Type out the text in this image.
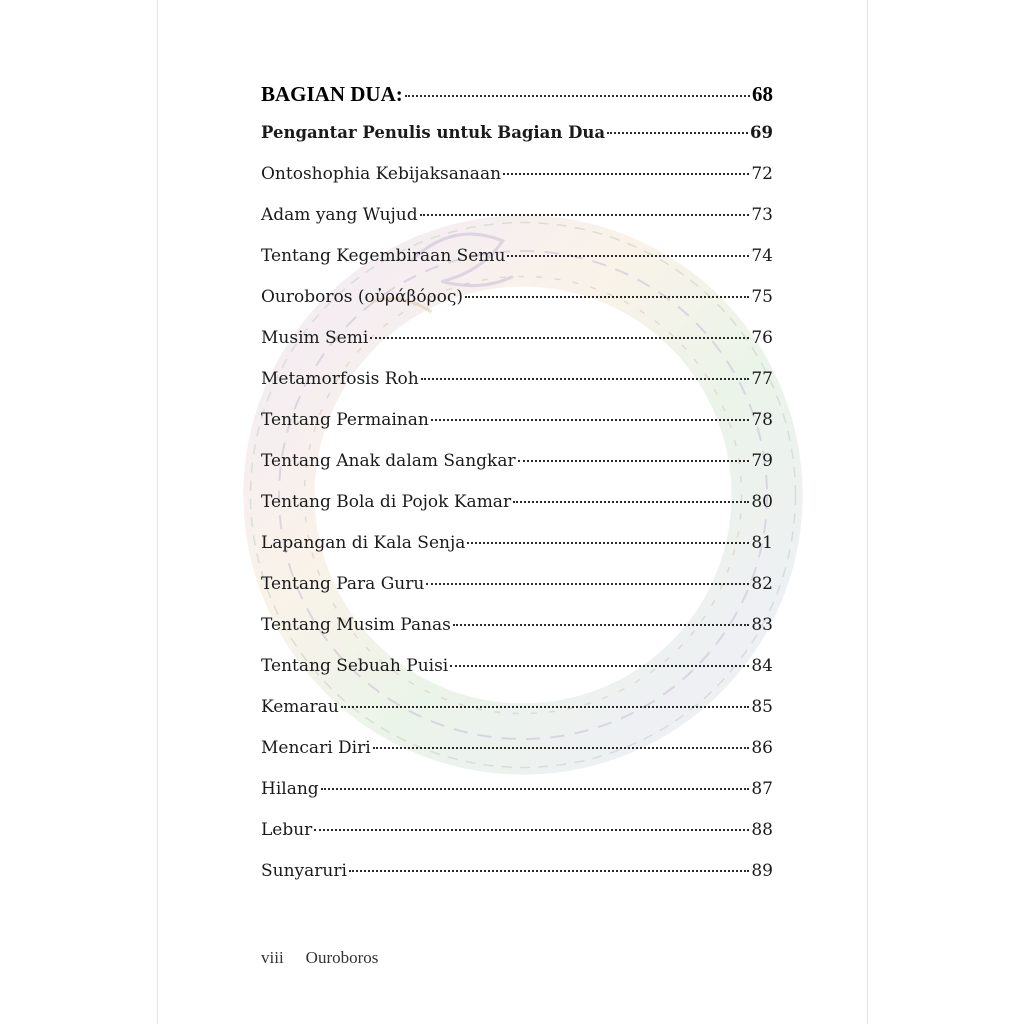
BAGIAN DUA:	68
Pengantar Penulis untuk Bagian Dua	69
Ontoshophia Kebijaksanaan	72
Adam yang Wujud	73
Tentang Kegembiraan Semu	74
Ouroboros (οὐράβόρος)	75
Musim Semi	76
Metamorfosis Roh	77
Tentang Permainan	78
Tentang Anak dalam Sangkar	79
Tentang Bola di Pojok Kamar	80
Lapangan di Kala Senja	81
Tentang Para Guru	82
Tentang Musim Panas	83
Tentang Sebuah Puisi	84
Kemarau	85
Mencari Diri	86
Hilang	87
Lebur	88
Sunyaruri	89
viii Ouroboros
